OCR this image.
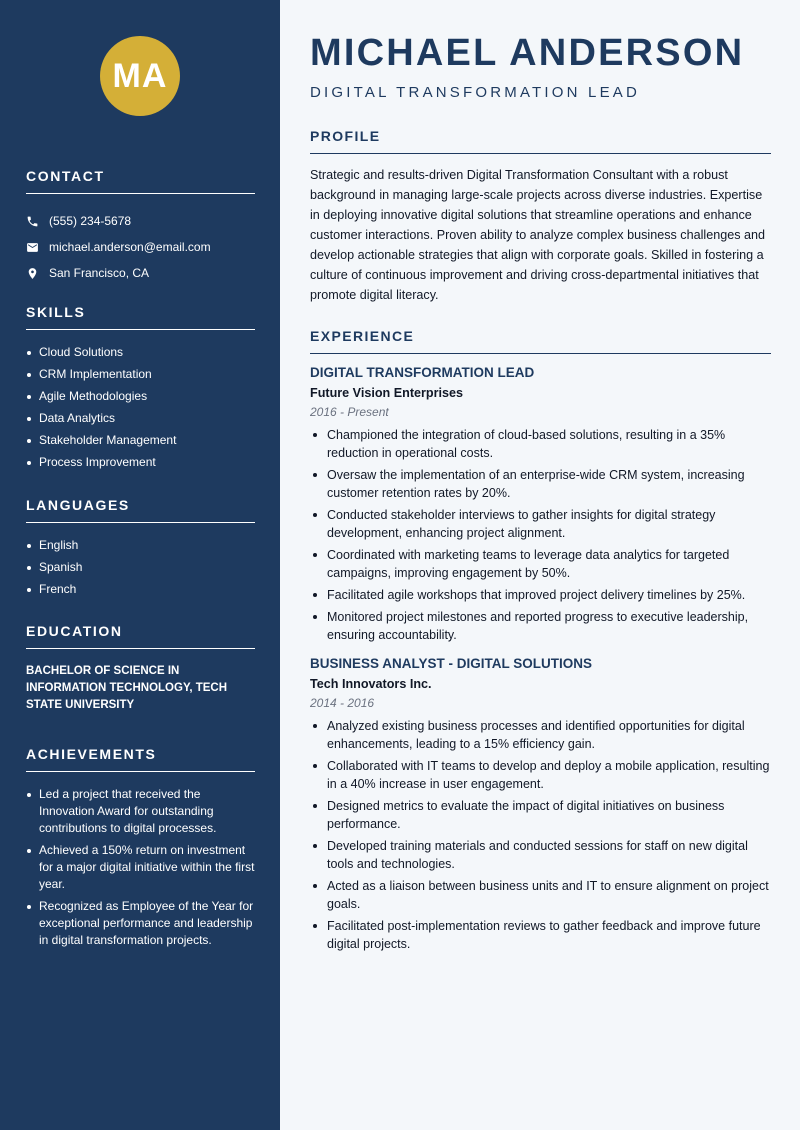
MA
CONTACT
(555) 234-5678
michael.anderson@email.com
San Francisco, CA
SKILLS
Cloud Solutions
CRM Implementation
Agile Methodologies
Data Analytics
Stakeholder Management
Process Improvement
LANGUAGES
English
Spanish
French
EDUCATION
BACHELOR OF SCIENCE IN INFORMATION TECHNOLOGY, TECH STATE UNIVERSITY
ACHIEVEMENTS
Led a project that received the Innovation Award for outstanding contributions to digital processes.
Achieved a 150% return on investment for a major digital initiative within the first year.
Recognized as Employee of the Year for exceptional performance and leadership in digital transformation projects.
MICHAEL ANDERSON
DIGITAL TRANSFORMATION LEAD
PROFILE

Strategic and results-driven Digital Transformation Consultant with a robust background in managing large-scale projects across diverse industries. Expertise in deploying innovative digital solutions that streamline operations and enhance customer interactions. Proven ability to analyze complex business challenges and develop actionable strategies that align with corporate goals. Skilled in fostering a culture of continuous improvement and driving cross-departmental initiatives that promote digital literacy.

EXPERIENCE
DIGITAL TRANSFORMATION LEAD
Future Vision Enterprises
2016 - Present
Championed the integration of cloud-based solutions, resulting in a 35% reduction in operational costs.
Oversaw the implementation of an enterprise-wide CRM system, increasing customer retention rates by 20%.
Conducted stakeholder interviews to gather insights for digital strategy development, enhancing project alignment.
Coordinated with marketing teams to leverage data analytics for targeted campaigns, improving engagement by 50%.
Facilitated agile workshops that improved project delivery timelines by 25%.
Monitored project milestones and reported progress to executive leadership, ensuring accountability.
BUSINESS ANALYST - DIGITAL SOLUTIONS
Tech Innovators Inc.
2014 - 2016
Analyzed existing business processes and identified opportunities for digital enhancements, leading to a 15% efficiency gain.
Collaborated with IT teams to develop and deploy a mobile application, resulting in a 40% increase in user engagement.
Designed metrics to evaluate the impact of digital initiatives on business performance.
Developed training materials and conducted sessions for staff on new digital tools and technologies.
Acted as a liaison between business units and IT to ensure alignment on project goals.
Facilitated post-implementation reviews to gather feedback and improve future digital projects.
